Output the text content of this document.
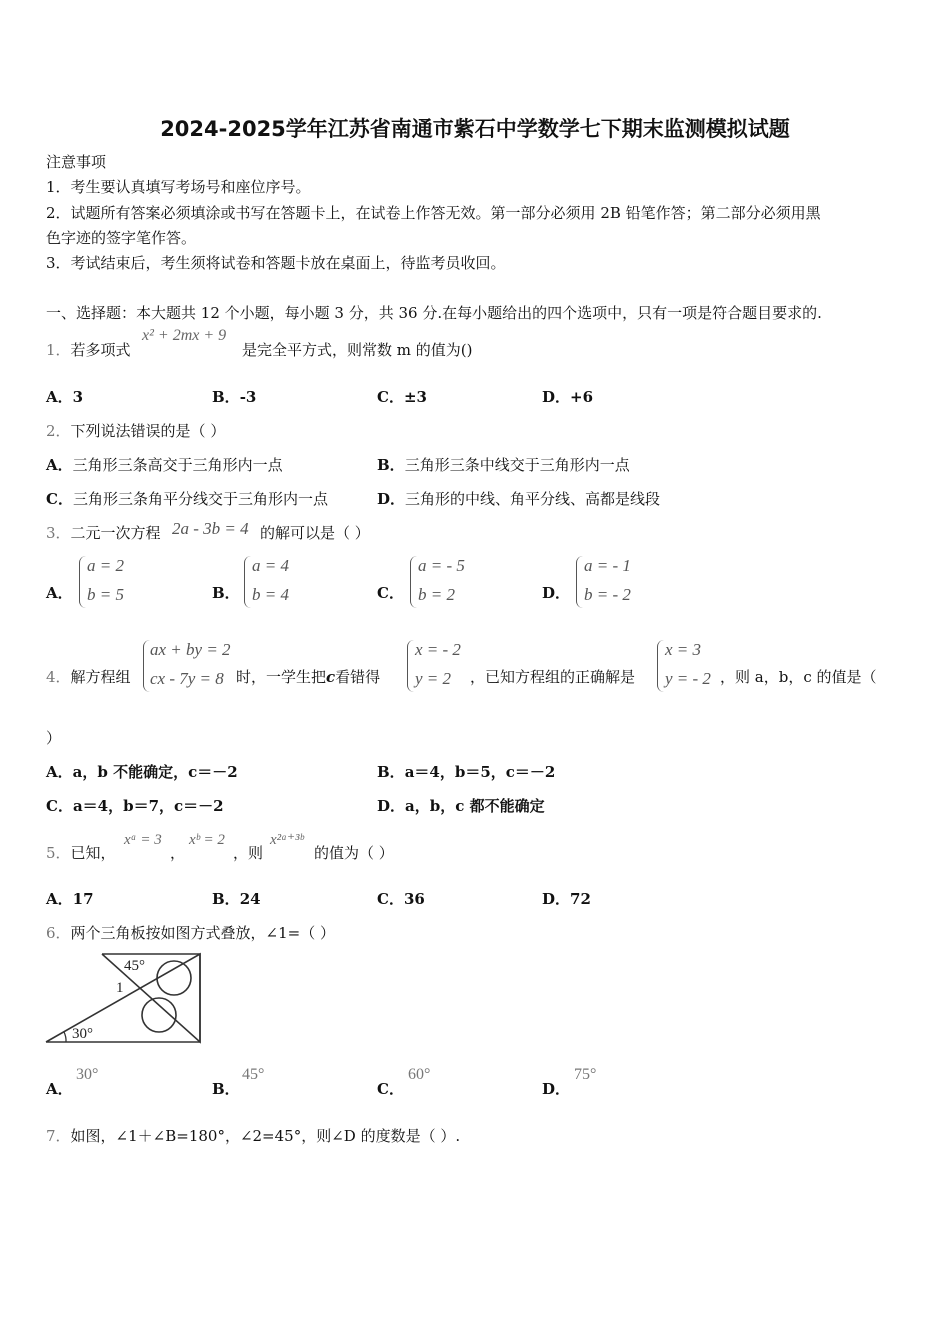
2024-2025学年江苏省南通市紫石中学数学七下期末监测模拟试题
注意事项
1．考生要认真填写考场号和座位序号。
2．试题所有答案必须填涂或书写在答题卡上，在试卷上作答无效。第一部分必须用 2B 铅笔作答；第二部分必须用黑
色字迹的签字笔作答。
3．考试结束后，考生须将试卷和答题卡放在桌面上，待监考员收回。
一、选择题：本大题共 12 个小题，每小题 3 分，共 36 分.在每小题给出的四个选项中，只有一项是符合题目要求的.
1．若多项式
x² + 2mx + 9
是完全平方式，则常数 m 的值为()
A．3	B．-3	C．±3	D．+6
2．下列说法错误的是（ ）
A．三角形三条高交于三角形内一点	B．三角形三条中线交于三角形内一点
C．三角形三条角平分线交于三角形内一点	D．三角形的中线、角平分线、高都是线段
3．二元一次方程 2a - 3b = 4 的解可以是（ ）
A．
a = 2
b = 5	B．
a = 4
b = 4	C．
a = - 5
b = 2	D．
a = - 1
b = - 2
4．解方程组
ax + by = 2
cx - 7y = 8 时，一学生把c看错得
x = - 2
y = 2 ，已知方程组的正确解是
x = 3
y = - 2 ，则 a，b，c 的值是（
）
A．a，b 不能确定，c＝－2	B．a＝4，b＝5，c＝－2
C．a＝4，b＝7，c＝－2	D．a，b，c 都不能确定
5．已知，
xᵃ = 3
，
xᵇ = 2
，则
x²ᵃ⁺³ᵇ
的值为（ ）
A．17	B．24	C．36	D．72
6．两个三角板按如图方式叠放，∠1=（ ）
45°
1
30°
A．
30°
B．
45°
C．
60°
D．
75°
7．如图，∠1＋∠B=180°，∠2=45°，则∠D 的度数是（ ）.
